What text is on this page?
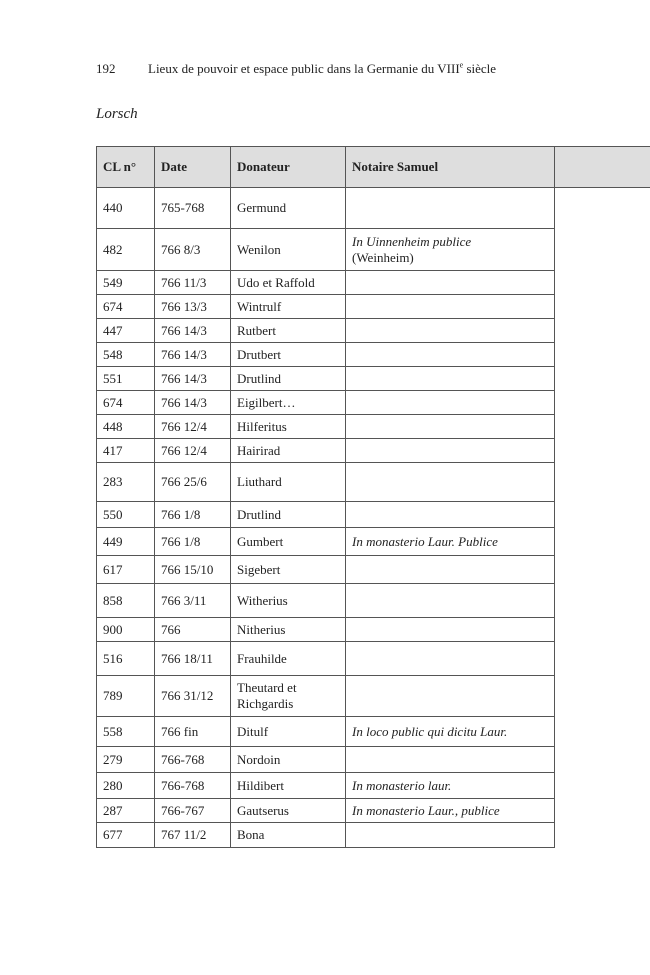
192	Lieux de pouvoir et espace public dans la Germanie du VIIIe siècle
Lorsch
CL n°	Date	Donateur	Notaire Samuel	
440	765-768	Germund		

482	766 8/3	Wenilon	In Uinnenheim publice
(Weinheim)	

549	766 11/3	Udo et Raffold		

674	766 13/3	Wintrulf		

447	766 14/3	Rutbert		

548	766 14/3	Drutbert		

551	766 14/3	Drutlind		

674	766 14/3	Eigilbert…		

448	766 12/4	Hilferitus		

417	766 12/4	Hairirad		

283	766 25/6	Liuthard		

550	766 1/8	Drutlind		

449	766 1/8	Gumbert	In monasterio Laur. Publice	

617	766 15/10	Sigebert		

858	766 3/11	Witherius		

900	766	Nitherius		

516	766 18/11	Frauhilde		

789	766 31/12	Theutard et
Richgardis		

558	766 fin	Ditulf	In loco public qui dicitu Laur.	

279	766-768	Nordoin		

280	766-768	Hildibert	In monasterio laur.	

287	766-767	Gautserus	In monasterio Laur., publice	

677	767 11/2	Bona		
